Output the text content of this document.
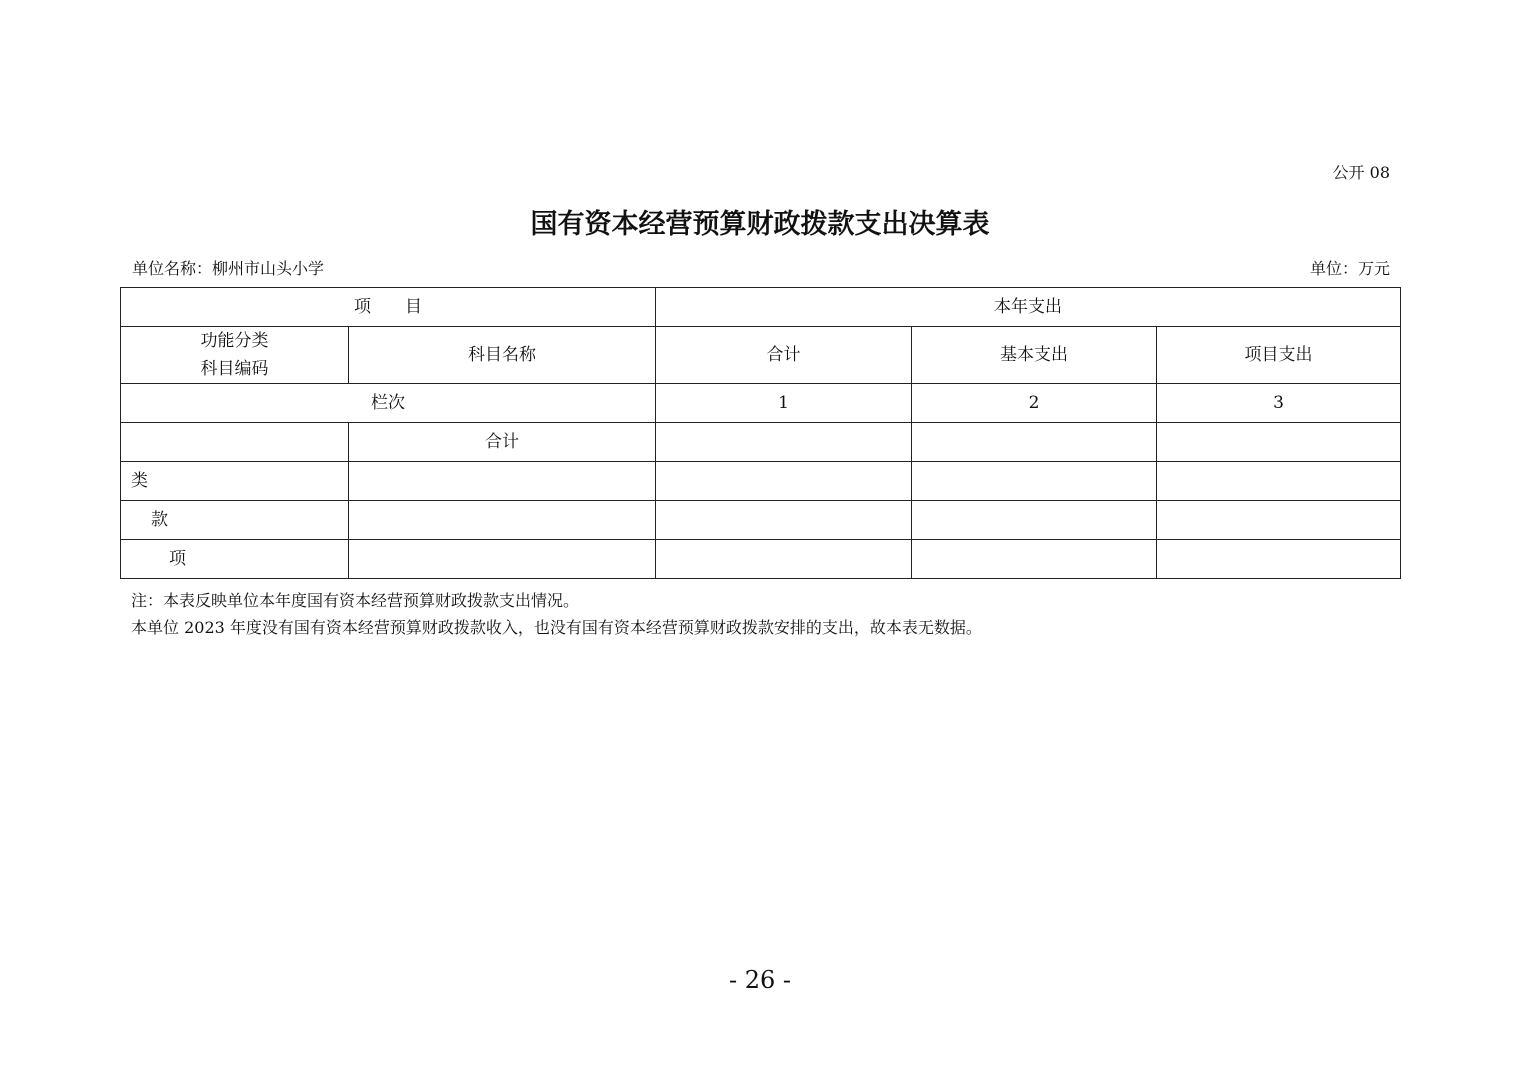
公开 08
国有资本经营预算财政拨款支出决算表
单位名称：柳州市山头小学	单位：万元
项　　目		本年支出		

功能分类
科目编码	科目名称	合计	基本支出	项目支出
栏次		1	2	3
	合计			
类				
款				
项				
注：本表反映单位本年度国有资本经营预算财政拨款支出情况。
本单位 2023 年度没有国有资本经营预算财政拨款收入，也没有国有资本经营预算财政拨款安排的支出，故本表无数据。
- 26 -
